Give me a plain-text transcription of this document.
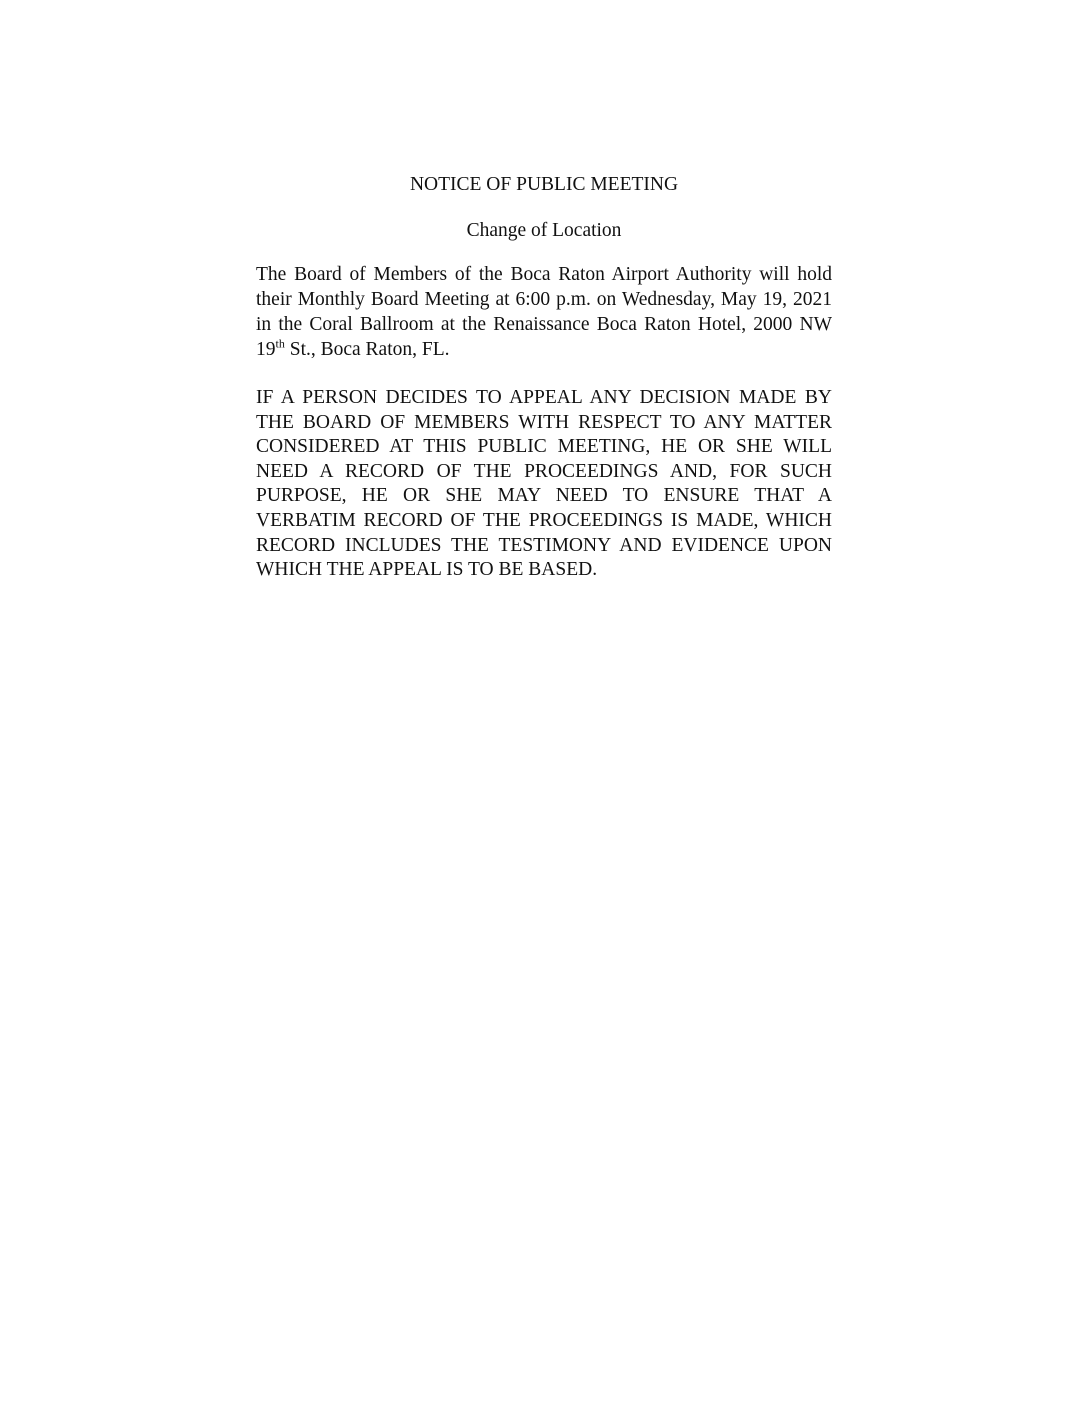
NOTICE OF PUBLIC MEETING

Change of Location

The Board of Members of the Boca Raton Airport Authority will hold their Monthly Board Meeting at 6:00 p.m. on Wednesday, May 19, 2021 in the Coral Ballroom at the Renaissance Boca Raton Hotel, 2000 NW 19th St., Boca Raton, FL.

IF A PERSON DECIDES TO APPEAL ANY DECISION MADE BY THE BOARD OF MEMBERS WITH RESPECT TO ANY MATTER CONSIDERED AT THIS PUBLIC MEETING, HE OR SHE WILL NEED A RECORD OF THE PROCEEDINGS AND, FOR SUCH PURPOSE, HE OR SHE MAY NEED TO ENSURE THAT A VERBATIM RECORD OF THE PROCEEDINGS IS MADE, WHICH RECORD INCLUDES THE TESTIMONY AND EVIDENCE UPON WHICH THE APPEAL IS TO BE BASED.
